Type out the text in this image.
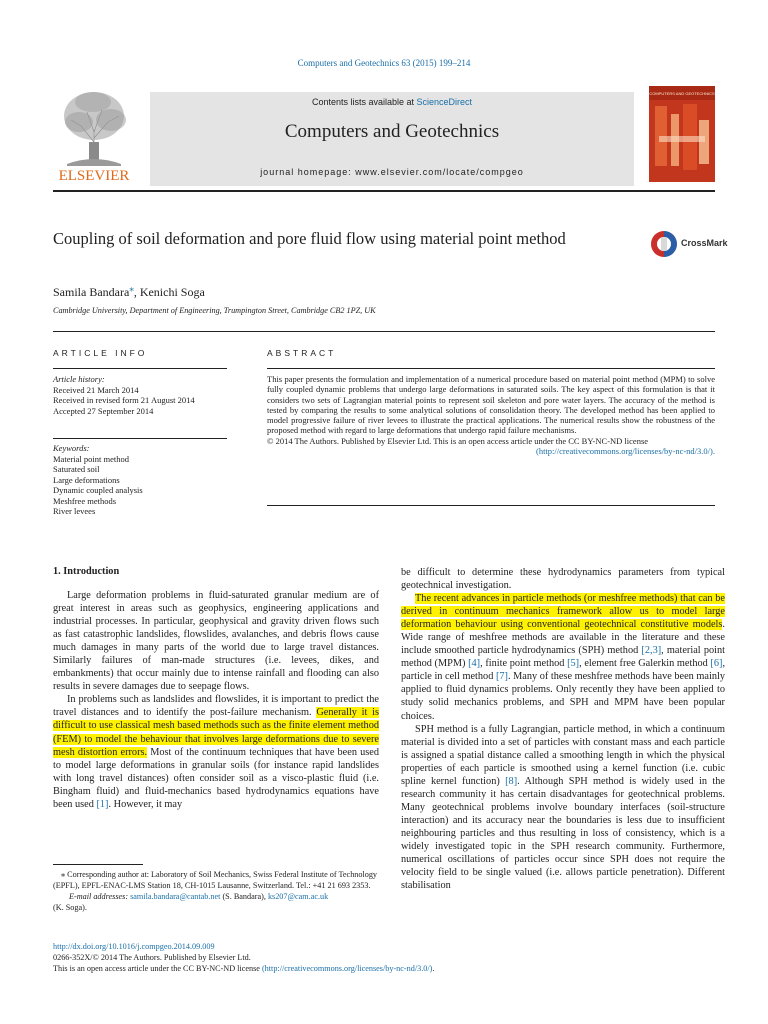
Computers and Geotechnics 63 (2015) 199–214
ELSEVIER
Contents lists available at ScienceDirect
Computers and Geotechnics
journal homepage: www.elsevier.com/locate/compgeo
COMPUTERS AND GEOTECHNICS
Coupling of soil deformation and pore fluid flow using material point method	CrossMark
Samila Bandara⁎, Kenichi Soga
Cambridge University, Department of Engineering, Trumpington Street, Cambridge CB2 1PZ, UK
ARTICLE INFO	ABSTRACT
Article history:
Received 21 March 2014
Received in revised form 21 August 2014
Accepted 27 September 2014
Keywords:
Material point method
Saturated soil
Large deformations
Dynamic coupled analysis
Meshfree methods
River levees
This paper presents the formulation and implementation of a numerical procedure based on material point method (MPM) to solve fully coupled dynamic problems that undergo large deformations in saturated soils. The key aspect of this formulation is that it considers two sets of Lagrangian material points to represent soil skeleton and pore water layers. The accuracy of the method is tested by comparing the results to some analytical solutions of consolidation theory. The developed method has been applied to model progressive failure of river levees to illustrate the practical applications. The numerical results show the robustness of the proposed method with regard to large deformations that undergo rapid failure mechanisms.
© 2014 The Authors. Published by Elsevier Ltd. This is an open access article under the CC BY-NC-ND license
(http://creativecommons.org/licenses/by-nc-nd/3.0/).
1. Introduction

Large deformation problems in fluid-saturated granular medium are of great interest in areas such as geophysics, engineering applications and industrial processes. In particular, geophysical and gravity driven flows such as fast catastrophic landslides, flowslides, avalanches, and debris flows cause much damages in many parts of the world due to large travel distances. Similarly failures of man-made structures (i.e. levees, dikes, and embankments) that occur mainly due to intense rainfall and flooding can also results in severe damages due to seepage flows.

In problems such as landslides and flowslides, it is important to predict the travel distances and to identify the post-failure mechanism. Generally it is difficult to use classical mesh based methods such as the finite element method (FEM) to model the behaviour that involves large deformations due to severe mesh distortion errors. Most of the continuum techniques that have been used to model large deformations in granular soils (for instance rapid landslides with long travel distances) often consider soil as a visco-plastic fluid (i.e. Bingham fluid) and fluid-mechanics based hydrodynamics equations have been used [1]. However, it may

be difficult to determine these hydrodynamics parameters from typical geotechnical investigation.

The recent advances in particle methods (or meshfree methods) that can be derived in continuum mechanics framework allow us to model large deformation behaviour using conventional geotechnical constitutive models. Wide range of meshfree methods are available in the literature and these include smoothed particle hydrodynamics (SPH) method [2,3], material point method (MPM) [4], finite point method [5], element free Galerkin method [6], particle in cell method [7]. Many of these meshfree methods have been mainly applied to fluid dynamics problems. Only recently they have been applied to study solid mechanics problems, and SPH and MPM have been popular choices.

SPH method is a fully Lagrangian, particle method, in which a continuum material is divided into a set of particles with constant mass and each particle is assigned a spatial distance called a smoothing length in which the physical properties of each particle is smoothed using a kernel function (i.e. cubic spline kernel function) [8]. Although SPH method is widely used in the research community it has certain disadvantages for geotechnical problems. Many geotechnical problems involve boundary interfaces (soil-structure interaction) and its accuracy near the boundaries is less due to insufficient neighbouring particles and thus resulting in loss of consistency, which is a widely investigated topic in the SPH research community. Furthermore, numerical oscillations of particles occur since SPH does not require the velocity field to be single valued (i.e. allows particle penetration). Different stabilisation

⁎ Corresponding author at: Laboratory of Soil Mechanics, Swiss Federal Institute of Technology (EPFL), EPFL-ENAC-LMS Station 18, CH-1015 Lausanne, Switzerland. Tel.: +41 21 693 2353.
E-mail addresses: samila.bandara@cantab.net (S. Bandara), ks207@cam.ac.uk
(K. Soga).
http://dx.doi.org/10.1016/j.compgeo.2014.09.009
0266-352X/© 2014 The Authors. Published by Elsevier Ltd.
This is an open access article under the CC BY-NC-ND license (http://creativecommons.org/licenses/by-nc-nd/3.0/).
